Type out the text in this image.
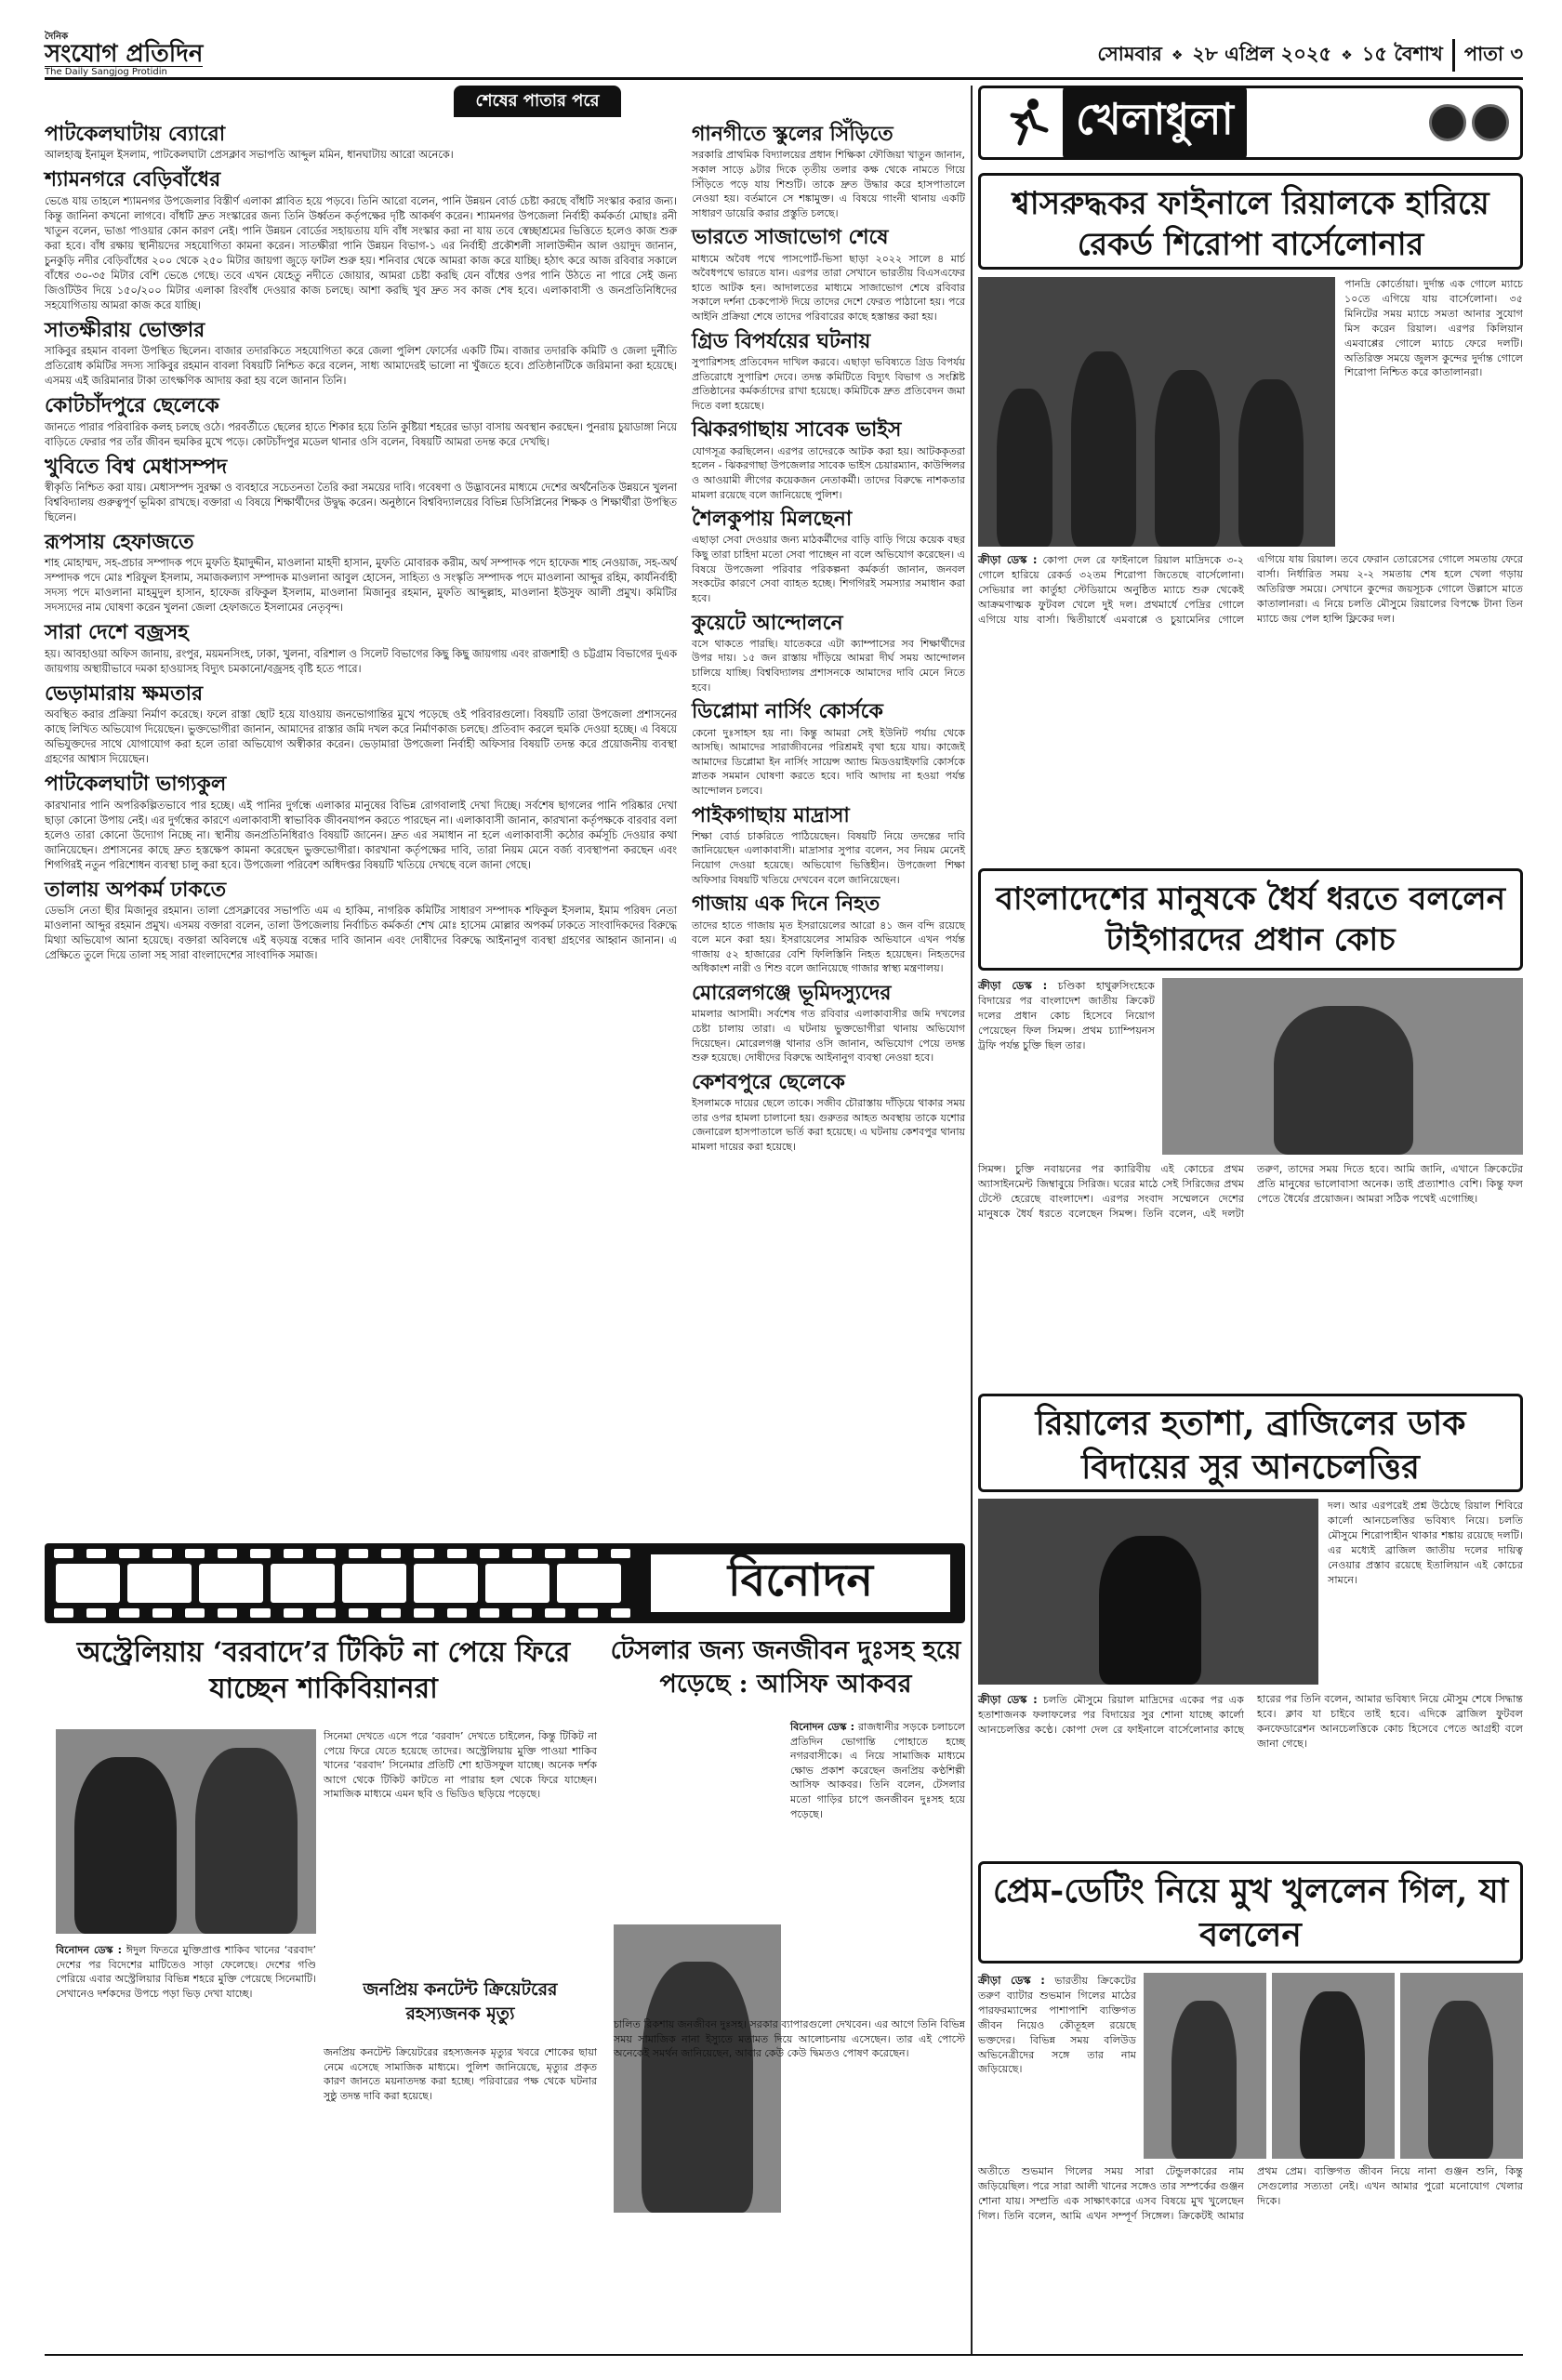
দৈনিক
সংযোগ প্রতিদিন
The Daily Sangjog Protidin
সোমবার ❖ ২৮ এপ্রিল ২০২৫ ❖ ১৫ বৈশাখ	পাতা ৩
শেষের পাতার পরে
পাটকেলঘাটায় ব্যোরো

আলহাজ্ব ইনামুল ইসলাম, পাটকেলঘাটা প্রেসক্লাব সভাপতি আব্দুল মমিন, ধানঘাটায় আরো অনেকে।

শ্যামনগরে বেড়িবাঁধের

ভেঙে যায় তাহলে শ্যামনগর উপজেলার বিস্তীর্ণ এলাকা প্লাবিত হয়ে পড়বে। তিনি আরো বলেন, পানি উন্নয়ন বোর্ড চেষ্টা করছে বাঁধটি সংস্কার করার জন্য। কিন্তু জানিনা কখনো লাগবে। বাঁধটি দ্রুত সংস্কারের জন্য তিনি উর্ধ্বতন কর্তৃপক্ষের দৃষ্টি আকর্ষণ করেন। শ্যামনগর উপজেলা নির্বাহী কর্মকর্তা মোছাঃ রনী খাতুন বলেন, ভাঙা পাওয়ার কোন কারণ নেই। পানি উন্নয়ন বোর্ডের সহায়তায় যদি বাঁধ সংস্কার করা না যায় তবে স্বেচ্ছাশ্রমের ভিত্তিতে হলেও কাজ শুরু করা হবে। বাঁধ রক্ষায় স্থানীয়দের সহযোগিতা কামনা করেন। সাতক্ষীরা পানি উন্নয়ন বিভাগ-১ এর নির্বাহী প্রকৌশলী সালাউদ্দীন আল ওয়াদুদ জানান, চুনকুড়ি নদীর বেড়িবাঁধের ২০০ থেকে ২৫০ মিটার জায়গা জুড়ে ফাটল শুরু হয়। শনিবার থেকে আমরা কাজ করে যাচ্ছি। হঠাৎ করে আজ রবিবার সকালে বাঁধের ৩০-৩৫ মিটার বেশি ভেঙে গেছে। তবে এখন যেহেতু নদীতে জোয়ার, আমরা চেষ্টা করছি যেন বাঁধের ওপর পানি উঠতে না পারে সেই জন্য জিওটিউব দিয়ে ১৫০/২০০ মিটার এলাকা রিংবাঁধ দেওয়ার কাজ চলছে। আশা করছি খুব দ্রুত সব কাজ শেষ হবে। এলাকাবাসী ও জনপ্রতিনিধিদের সহযোগিতায় আমরা কাজ করে যাচ্ছি।

সাতক্ষীরায় ভোক্তার

সাকিবুর রহমান বাবলা উপস্থিত ছিলেন। বাজার তদারকিতে সহযোগিতা করে জেলা পুলিশ ফোর্সের একটি টিম। বাজার তদারকি কমিটি ও জেলা দুর্নীতি প্রতিরোধ কমিটির সদস্য সাকিবুর রহমান বাবলা বিষয়টি নিশ্চিত করে বলেন, সাধ্য আমাদেরই ভালো না খুঁজতে হবে। প্রতিষ্ঠানটিকে জরিমানা করা হয়েছে। এসময় এই জরিমানার টাকা তাৎক্ষণিক আদায় করা হয় বলে জানান তিনি।

কোটচাঁদপুরে ছেলেকে

জানতে পারার পরিবারিক কলহ চলছে ওঠে। পরবর্তীতে ছেলের হাতে শিকার হয়ে তিনি কুষ্টিয়া শহরের ভাড়া বাসায় অবস্থান করছেন। পুনরায় চুয়াডাঙ্গা নিয়ে বাড়িতে ফেরার পর তাঁর জীবন হুমকির মুখে পড়ে। কোটচাঁদপুর মডেল থানার ওসি বলেন, বিষয়টি আমরা তদন্ত করে দেখছি।

খুবিতে বিশ্ব মেধাসম্পদ

স্বীকৃতি নিশ্চিত করা যায়। মেধাসম্পদ সুরক্ষা ও ব্যবহারে সচেতনতা তৈরি করা সময়ের দাবি। গবেষণা ও উদ্ভাবনের মাধ্যমে দেশের অর্থনৈতিক উন্নয়নে খুলনা বিশ্ববিদ্যালয় গুরুত্বপূর্ণ ভূমিকা রাখছে। বক্তারা এ বিষয়ে শিক্ষার্থীদের উদ্বুদ্ধ করেন। অনুষ্ঠানে বিশ্ববিদ্যালয়ের বিভিন্ন ডিসিপ্লিনের শিক্ষক ও শিক্ষার্থীরা উপস্থিত ছিলেন।

রূপসায় হেফাজতে

শাহ মোহাম্মদ, সহ-প্রচার সম্পাদক পদে মুফতি ইমাদুদ্দীন, মাওলানা মাহদী হাসান, মুফতি মোবারক করীম, অর্থ সম্পাদক পদে হাফেজ শাহ নেওয়াজ, সহ-অর্থ সম্পাদক পদে মোঃ শরিফুল ইসলাম, সমাজকল্যাণ সম্পাদক মাওলানা আবুল হোসেন, সাহিত্য ও সংস্কৃতি সম্পাদক পদে মাওলানা আব্দুর রহিম, কার্যনির্বাহী সদস্য পদে মাওলানা মাহমুদুল হাসান, হাফেজ রফিকুল ইসলাম, মাওলানা মিজানুর রহমান, মুফতি আব্দুল্লাহ, মাওলানা ইউসুফ আলী প্রমুখ। কমিটির সদস্যদের নাম ঘোষণা করেন খুলনা জেলা হেফাজতে ইসলামের নেতৃবৃন্দ।

সারা দেশে বজ্রসহ

হয়। আবহাওয়া অফিস জানায়, রংপুর, ময়মনসিংহ, ঢাকা, খুলনা, বরিশাল ও সিলেট বিভাগের কিছু কিছু জায়গায় এবং রাজশাহী ও চট্টগ্রাম বিভাগের দুএক জায়গায় অস্থায়ীভাবে দমকা হাওয়াসহ বিদ্যুৎ চমকানো/বজ্রসহ বৃষ্টি হতে পারে।

ভেড়ামারায় ক্ষমতার

অবস্থিত করার প্রক্রিয়া নির্মাণ করেছে। ফলে রাস্তা ছোট হয়ে যাওয়ায় জনভোগান্তির মুখে পড়েছে ওই পরিবারগুলো। বিষয়টি তারা উপজেলা প্রশাসনের কাছে লিখিত অভিযোগ দিয়েছেন। ভুক্তভোগীরা জানান, আমাদের রাস্তার জমি দখল করে নির্মাণকাজ চলছে। প্রতিবাদ করলে হুমকি দেওয়া হচ্ছে। এ বিষয়ে অভিযুক্তদের সাথে যোগাযোগ করা হলে তারা অভিযোগ অস্বীকার করেন। ভেড়ামারা উপজেলা নির্বাহী অফিসার বিষয়টি তদন্ত করে প্রয়োজনীয় ব্যবস্থা গ্রহণের আশ্বাস দিয়েছেন।

পাটকেলঘাটা ভাগ্যকুল

কারখানার পানি অপরিকল্পিতভাবে পার হচ্ছে। এই পানির দুর্গন্ধে এলাকার মানুষের বিভিন্ন রোগবালাই দেখা দিচ্ছে। সর্বশেষ ছাগলের পানি পরিষ্কার দেখা ছাড়া কোনো উপায় নেই। এর দুর্গন্ধের কারণে এলাকাবাসী স্বাভাবিক জীবনযাপন করতে পারছেন না। এলাকাবাসী জানান, কারখানা কর্তৃপক্ষকে বারবার বলা হলেও তারা কোনো উদ্যোগ নিচ্ছে না। স্থানীয় জনপ্রতিনিধিরাও বিষয়টি জানেন। দ্রুত এর সমাধান না হলে এলাকাবাসী কঠোর কর্মসূচি দেওয়ার কথা জানিয়েছেন। প্রশাসনের কাছে দ্রুত হস্তক্ষেপ কামনা করেছেন ভুক্তভোগীরা। কারখানা কর্তৃপক্ষের দাবি, তারা নিয়ম মেনে বর্জ্য ব্যবস্থাপনা করছেন এবং শিগগিরই নতুন পরিশোধন ব্যবস্থা চালু করা হবে। উপজেলা পরিবেশ অধিদপ্তর বিষয়টি খতিয়ে দেখছে বলে জানা গেছে।

তালায় অপকর্ম ঢাকতে

ডেভসি নেতা ছীর মিজানুর রহমান। তালা প্রেসক্লাবের সভাপতি এম এ হাকিম, নাগরিক কমিটির সাধারণ সম্পাদক শফিকুল ইসলাম, ইমাম পরিষদ নেতা মাওলানা আব্দুর রহমান প্রমুখ। এসময় বক্তারা বলেন, তালা উপজেলায় নির্বাচিত কর্মকর্তা শেখ মোঃ হাসেম মোল্লার অপকর্ম ঢাকতে সাংবাদিকদের বিরুদ্ধে মিথ্যা অভিযোগ আনা হয়েছে। বক্তারা অবিলম্বে এই ষড়যন্ত্র বন্ধের দাবি জানান এবং দোষীদের বিরুদ্ধে আইনানুগ ব্যবস্থা গ্রহণের আহ্বান জানান। এ প্রেক্ষিতে তুলে দিয়ে তালা সহ সারা বাংলাদেশের সাংবাদিক সমাজ।

গানগীতে স্কুলের সিঁড়িতে

সরকারি প্রাথমিক বিদ্যালয়ের প্রধান শিক্ষিকা ফৌজিয়া খাতুন জানান, সকাল সাড়ে ৯টার দিকে তৃতীয় তলার কক্ষ থেকে নামতে গিয়ে সিঁড়িতে পড়ে যায় শিশুটি। তাকে দ্রুত উদ্ধার করে হাসপাতালে নেওয়া হয়। বর্তমানে সে শঙ্কামুক্ত। এ বিষয়ে গাংনী থানায় একটি সাধারণ ডায়েরি করার প্রস্তুতি চলছে।

ভারতে সাজাভোগ শেষে

মাধ্যমে অবৈধ পথে পাসপোর্ট-ভিসা ছাড়া ২০২২ সালে ৪ মার্চ অবৈধপথে ভারতে যান। এরপর তারা সেখানে ভারতীয় বিএসএফের হাতে আটক হন। আদালতের মাধ্যমে সাজাভোগ শেষে রবিবার সকালে দর্শনা চেকপোস্ট দিয়ে তাদের দেশে ফেরত পাঠানো হয়। পরে আইনি প্রক্রিয়া শেষে তাদের পরিবারের কাছে হস্তান্তর করা হয়।

গ্রিড বিপর্যয়ের ঘটনায়

সুপারিশসহ প্রতিবেদন দাখিল করবে। এছাড়া ভবিষ্যতে গ্রিড বিপর্যয় প্রতিরোধে সুপারিশ দেবে। তদন্ত কমিটিতে বিদ্যুৎ বিভাগ ও সংশ্লিষ্ট প্রতিষ্ঠানের কর্মকর্তাদের রাখা হয়েছে। কমিটিকে দ্রুত প্রতিবেদন জমা দিতে বলা হয়েছে।

ঝিকরগাছায় সাবেক ভাইস

যোগসূত্র করছিলেন। এরপর তাদেরকে আটক করা হয়। আটককৃতরা হলেন - ঝিকরগাছা উপজেলার সাবেক ভাইস চেয়ারম্যান, কাউন্সিলর ও আওয়ামী লীগের কয়েকজন নেতাকর্মী। তাদের বিরুদ্ধে নাশকতার মামলা রয়েছে বলে জানিয়েছে পুলিশ।

শৈলকুপায় মিলছেনা

এছাড়া সেবা দেওয়ার জন্য মাঠকর্মীদের বাড়ি বাড়ি গিয়ে কয়েক বছর কিছু তারা চাহিদা মতো সেবা পাচ্ছেন না বলে অভিযোগ করেছেন। এ বিষয়ে উপজেলা পরিবার পরিকল্পনা কর্মকর্তা জানান, জনবল সংকটের কারণে সেবা ব্যাহত হচ্ছে। শিগগিরই সমস্যার সমাধান করা হবে।

কুয়েটে আন্দোলনে

বসে থাকতে পারছি। যাতেকরে এটা ক্যাম্পাসের সব শিক্ষার্থীদের উপর দায়। ১৫ জন রাস্তায় দাঁড়িয়ে আমরা দীর্ঘ সময় আন্দোলন চালিয়ে যাচ্ছি। বিশ্ববিদ্যালয় প্রশাসনকে আমাদের দাবি মেনে নিতে হবে।

ডিপ্লোমা নার্সিং কোর্সকে

কেনো দুঃসাহস হয় না। কিন্তু আমরা সেই ইউনিট পর্যায় থেকে আসছি। আমাদের সারাজীবনের পরিশ্রমই বৃথা হয়ে যায়। কাজেই আমাদের ডিপ্লোমা ইন নার্সিং সায়েন্স অ্যান্ড মিডওয়াইফারি কোর্সকে স্নাতক সমমান ঘোষণা করতে হবে। দাবি আদায় না হওয়া পর্যন্ত আন্দোলন চলবে।

পাইকগাছায় মাদ্রাসা

শিক্ষা বোর্ড চাকরিতে পাঠিয়েছেন। বিষয়টি নিয়ে তদন্তের দাবি জানিয়েছেন এলাকাবাসী। মাদ্রাসার সুপার বলেন, সব নিয়ম মেনেই নিয়োগ দেওয়া হয়েছে। অভিযোগ ভিত্তিহীন। উপজেলা শিক্ষা অফিসার বিষয়টি খতিয়ে দেখবেন বলে জানিয়েছেন।

গাজায় এক দিনে নিহত

তাদের হাতে গাজায় মৃত ইসরায়েলের আরো ৪১ জন বন্দি রয়েছে বলে মনে করা হয়। ইসরায়েলের সামরিক অভিযানে এখন পর্যন্ত গাজায় ৫২ হাজারের বেশি ফিলিস্তিনি নিহত হয়েছেন। নিহতদের অধিকাংশ নারী ও শিশু বলে জানিয়েছে গাজার স্বাস্থ্য মন্ত্রণালয়।

মোরেলগঞ্জে ভূমিদস্যুদের

মামলার আসামী। সর্বশেষ গত রবিবার এলাকাবাসীর জমি দখলের চেষ্টা চালায় তারা। এ ঘটনায় ভুক্তভোগীরা থানায় অভিযোগ দিয়েছেন। মোরেলগঞ্জ থানার ওসি জানান, অভিযোগ পেয়ে তদন্ত শুরু হয়েছে। দোষীদের বিরুদ্ধে আইনানুগ ব্যবস্থা নেওয়া হবে।

কেশবপুরে ছেলেকে

ইসলামকে দায়ের ছেলে তাকে। সজীব চৌরাস্তায় দাঁড়িয়ে থাকার সময় তার ওপর হামলা চালানো হয়। গুরুতর আহত অবস্থায় তাকে যশোর জেনারেল হাসপাতালে ভর্তি করা হয়েছে। এ ঘটনায় কেশবপুর থানায় মামলা দায়ের করা হয়েছে।

বিনোদন
অস্ট্রেলিয়ায় ‘বরবাদে’র টিকিট না পেয়ে ফিরে যাচ্ছেন শাকিবিয়ানরা
টেসলার জন্য জনজীবন দুঃসহ হয়ে পড়েছে : আসিফ আকবর

সিনেমা দেখতে এসে পরে ‘বরবাদ’ দেখতে চাইলেন, কিন্তু টিকিট না পেয়ে ফিরে যেতে হয়েছে তাদের। অস্ট্রেলিয়ায় মুক্তি পাওয়া শাকিব খানের ‘বরবাদ’ সিনেমার প্রতিটি শো হাউসফুল যাচ্ছে। অনেক দর্শক আগে থেকে টিকিট কাটতে না পারায় হল থেকে ফিরে যাচ্ছেন। সামাজিক মাধ্যমে এমন ছবি ও ভিডিও ছড়িয়ে পড়েছে।

বিনোদন ডেস্ক : ঈদুল ফিতরে মুক্তিপ্রাপ্ত শাকিব খানের ‘বরবাদ’ দেশের পর বিদেশের মাটিতেও সাড়া ফেলেছে। দেশের গণ্ডি পেরিয়ে এবার অস্ট্রেলিয়ার বিভিন্ন শহরে মুক্তি পেয়েছে সিনেমাটি। সেখানেও দর্শকদের উপচে পড়া ভিড় দেখা যাচ্ছে।	জনপ্রিয় কনটেন্ট ক্রিয়েটরের রহস্যজনক মৃত্যু

জনপ্রিয় কনটেন্ট ক্রিয়েটরের রহস্যজনক মৃত্যুর খবরে শোকের ছায়া নেমে এসেছে সামাজিক মাধ্যমে। পুলিশ জানিয়েছে, মৃত্যুর প্রকৃত কারণ জানতে ময়নাতদন্ত করা হচ্ছে। পরিবারের পক্ষ থেকে ঘটনার সুষ্ঠু তদন্ত দাবি করা হয়েছে।

বিনোদন ডেস্ক : রাজধানীর সড়কে চলাচলে প্রতিদিন ভোগান্তি পোহাতে হচ্ছে নগরবাসীকে। এ নিয়ে সামাজিক মাধ্যমে ক্ষোভ প্রকাশ করেছেন জনপ্রিয় কণ্ঠশিল্পী আসিফ আকবর। তিনি বলেন, টেসলার মতো গাড়ির চাপে জনজীবন দুঃসহ হয়ে পড়েছে।

চালিত রিকশায় জনজীবন দুঃসহ। সরকার ব্যাপারগুলো দেখবেন। এর আগে তিনি বিভিন্ন সময় সামাজিক নানা ইস্যুতে মতামত দিয়ে আলোচনায় এসেছেন। তার এই পোস্টে অনেকেই সমর্থন জানিয়েছেন, আবার কেউ কেউ দ্বিমতও পোষণ করেছেন।

খেলাধুলা
শ্বাসরুদ্ধকর ফাইনালে রিয়ালকে হারিয়ে রেকর্ড শিরোপা বার্সেলোনার

পানদ্রি কোর্তোয়া। দুর্দান্ত এক গোলে ম্যাচে ১০তে এগিয়ে যায় বার্সেলোনা। ৩৫ মিনিটের সময় ম্যাচে সমতা আনার সুযোগ মিস করেন রিয়াল। এরপর কিলিয়ান এমবাপ্পের গোলে ম্যাচে ফেরে দলটি। অতিরিক্ত সময়ে জুলস কুন্দের দুর্দান্ত গোলে শিরোপা নিশ্চিত করে কাতালানরা।

ক্রীড়া ডেস্ক : কোপা দেল রে ফাইনালে রিয়াল মাদ্রিদকে ৩-২ গোলে হারিয়ে রেকর্ড ৩২তম শিরোপা জিতেছে বার্সেলোনা। সেভিয়ার লা কার্তুহা স্টেডিয়ামে অনুষ্ঠিত ম্যাচে শুরু থেকেই আক্রমণাত্মক ফুটবল খেলে দুই দল। প্রথমার্ধে পেদ্রির গোলে এগিয়ে যায় বার্সা। দ্বিতীয়ার্ধে এমবাপ্পে ও চুয়ামেনির গোলে এগিয়ে যায় রিয়াল। তবে ফেরান তোরেসের গোলে সমতায় ফেরে বার্সা। নির্ধারিত সময় ২-২ সমতায় শেষ হলে খেলা গড়ায় অতিরিক্ত সময়ে। সেখানে কুন্দের জয়সূচক গোলে উল্লাসে মাতে কাতালানরা। এ নিয়ে চলতি মৌসুমে রিয়ালের বিপক্ষে টানা তিন ম্যাচে জয় পেল হান্সি ফ্লিকের দল।

বাংলাদেশের মানুষকে ধৈর্য ধরতে বললেন টাইগারদের প্রধান কোচ

ক্রীড়া ডেস্ক : চণ্ডিকা হাথুরুসিংহেকে বিদায়ের পর বাংলাদেশ জাতীয় ক্রিকেট দলের প্রধান কোচ হিসেবে নিয়োগ পেয়েছেন ফিল সিমন্স। প্রথম চ্যাম্পিয়নস ট্রফি পর্যন্ত চুক্তি ছিল তার।

সিমন্স। চুক্তি নবায়নের পর ক্যারিবীয় এই কোচের প্রথম অ্যাসাইনমেন্ট জিম্বাবুয়ে সিরিজ। ঘরের মাঠে সেই সিরিজের প্রথম টেস্টে হেরেছে বাংলাদেশ। এরপর সংবাদ সম্মেলনে দেশের মানুষকে ধৈর্য ধরতে বলেছেন সিমন্স। তিনি বলেন, এই দলটা তরুণ, তাদের সময় দিতে হবে। আমি জানি, এখানে ক্রিকেটের প্রতি মানুষের ভালোবাসা অনেক। তাই প্রত্যাশাও বেশি। কিন্তু ফল পেতে ধৈর্যের প্রয়োজন। আমরা সঠিক পথেই এগোচ্ছি।

রিয়ালের হতাশা, ব্রাজিলের ডাক বিদায়ের সুর আনচেলত্তির

দল। আর এরপরেই প্রশ্ন উঠেছে রিয়াল শিবিরে কার্লো আনচেলত্তির ভবিষ্যৎ নিয়ে। চলতি মৌসুমে শিরোপাহীন থাকার শঙ্কায় রয়েছে দলটি। এর মধ্যেই ব্রাজিল জাতীয় দলের দায়িত্ব নেওয়ার প্রস্তাব রয়েছে ইতালিয়ান এই কোচের সামনে।

ক্রীড়া ডেস্ক : চলতি মৌসুমে রিয়াল মাদ্রিদের একের পর এক হতাশাজনক ফলাফলের পর বিদায়ের সুর শোনা যাচ্ছে কার্লো আনচেলত্তির কণ্ঠে। কোপা দেল রে ফাইনালে বার্সেলোনার কাছে হারের পর তিনি বলেন, আমার ভবিষ্যৎ নিয়ে মৌসুম শেষে সিদ্ধান্ত হবে। ক্লাব যা চাইবে তাই হবে। এদিকে ব্রাজিল ফুটবল কনফেডারেশন আনচেলত্তিকে কোচ হিসেবে পেতে আগ্রহী বলে জানা গেছে।

প্রেম-ডেটিং নিয়ে মুখ খুললেন গিল, যা বললেন

ক্রীড়া ডেস্ক : ভারতীয় ক্রিকেটের তরুণ ব্যাটার শুভমান গিলের মাঠের পারফরম্যান্সের পাশাপাশি ব্যক্তিগত জীবন নিয়েও কৌতূহল রয়েছে ভক্তদের। বিভিন্ন সময় বলিউড অভিনেত্রীদের সঙ্গে তার নাম জড়িয়েছে।

অতীতে শুভমান গিলের সময় সারা টেন্ডুলকারের নাম জড়িয়েছিল। পরে সারা আলী খানের সঙ্গেও তার সম্পর্কের গুঞ্জন শোনা যায়। সম্প্রতি এক সাক্ষাৎকারে এসব বিষয়ে মুখ খুলেছেন গিল। তিনি বলেন, আমি এখন সম্পূর্ণ সিঙ্গেল। ক্রিকেটই আমার প্রথম প্রেম। ব্যক্তিগত জীবন নিয়ে নানা গুঞ্জন শুনি, কিন্তু সেগুলোর সত্যতা নেই। এখন আমার পুরো মনোযোগ খেলার দিকে।
